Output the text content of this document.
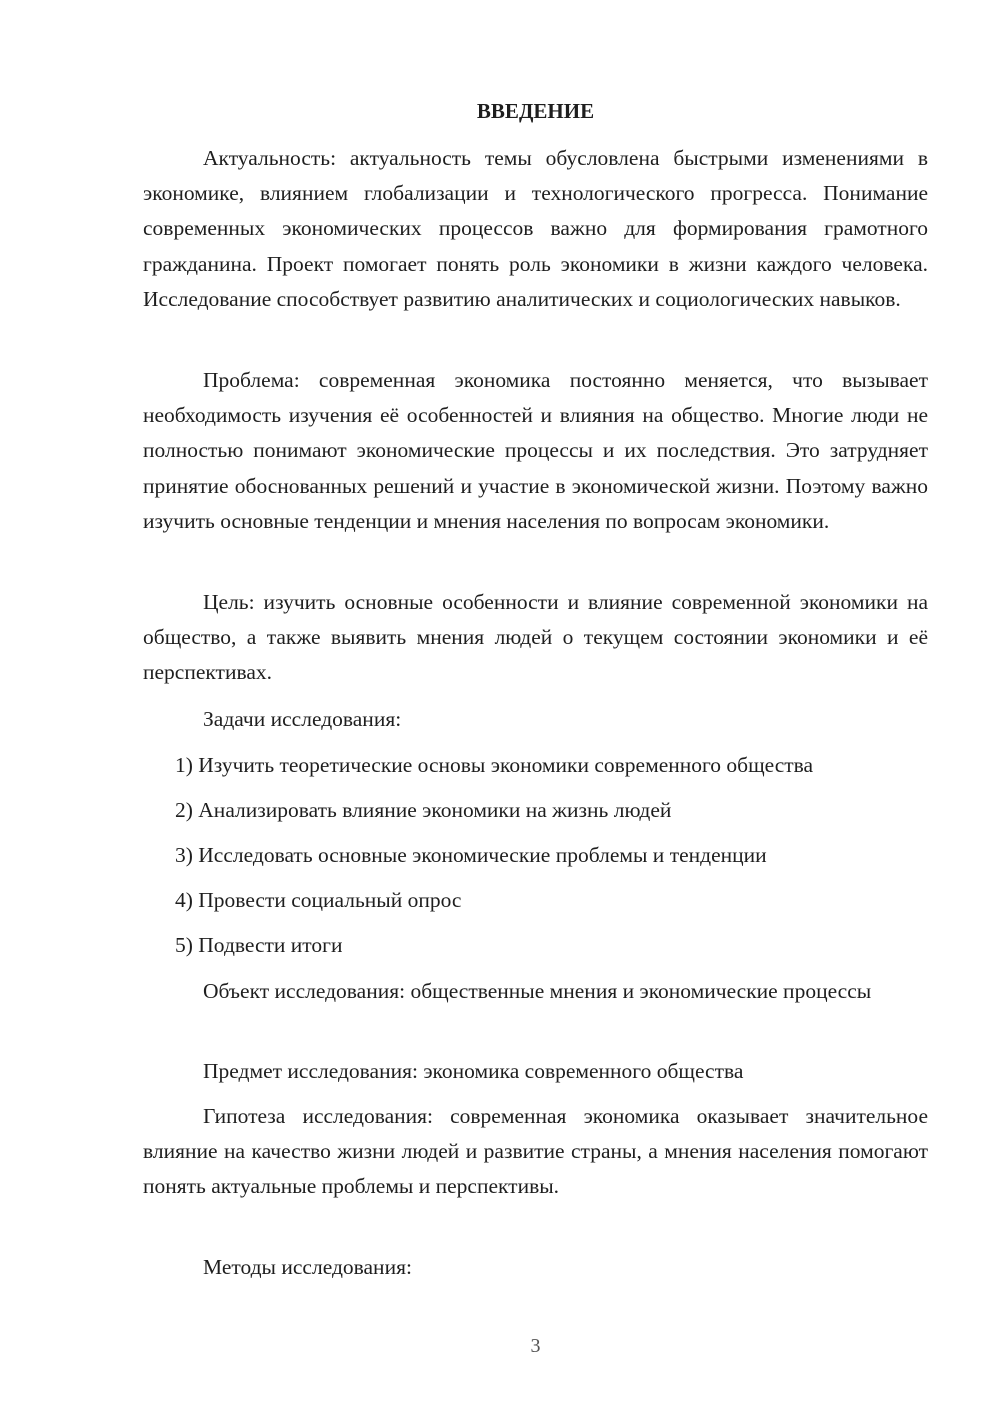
ВВЕДЕНИЕ

Актуальность: актуальность темы обусловлена быстрыми изменениями в экономике, влиянием глобализации и технологического прогресса. Понимание современных экономических процессов важно для формирования грамотного гражданина. Проект помогает понять роль экономики в жизни каждого человека. Исследование способствует развитию аналитических и социологических навыков.

Проблема: современная экономика постоянно меняется, что вызывает необходимость изучения её особенностей и влияния на общество. Многие люди не полностью понимают экономические процессы и их последствия. Это затрудняет принятие обоснованных решений и участие в экономической жизни. Поэтому важно изучить основные тенденции и мнения населения по вопросам экономики.

Цель: изучить основные особенности и влияние современной экономики на общество, а также выявить мнения людей о текущем состоянии экономики и её перспективах.

Задачи исследования:

1) Изучить теоретические основы экономики современного общества
2) Анализировать влияние экономики на жизнь людей
3) Исследовать основные экономические проблемы и тенденции
4) Провести социальный опрос
5) Подвести итоги

Объект исследования: общественные мнения и экономические процессы

Предмет исследования: экономика современного общества

Гипотеза исследования: современная экономика оказывает значительное влияние на качество жизни людей и развитие страны, а мнения населения помогают понять актуальные проблемы и перспективы.

Методы исследования:

3
